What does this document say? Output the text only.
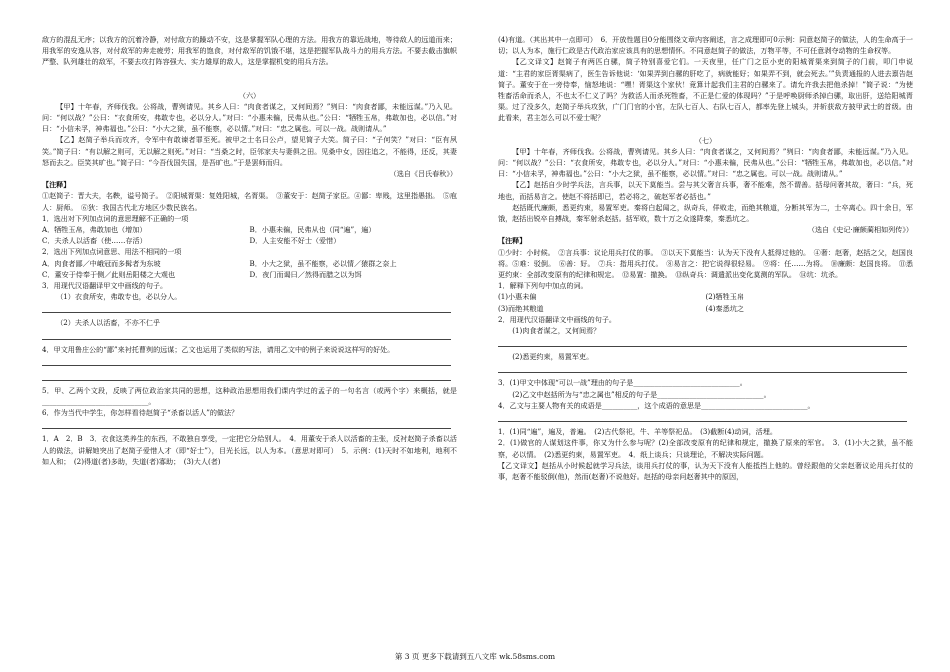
敌方的混乱无序；以我方的沉着冷静，对付敌方的躁动不安，这是掌握军队心理的方法。用我方的靠近战地，等待敌人的远道而来；用我军的安逸从容，对付敌军的奔走疲劳；用我军的饱食，对付敌军的饥饿不堪，这是把握军队战斗力的用兵方法。不要去截击旗帜严整、队列雄壮的敌军，不要去攻打阵容强大、实力雄厚的敌人，这是掌握机变的用兵方法。

（六）

【甲】十年春，齐师伐我。公将战，曹刿请见。其乡人曰：“肉食者谋之，又何间焉？”刿曰：“肉食者鄙，未能远谋。”乃入见。问：“何以战？”公曰：“衣食所安，弗敢专也，必以分人。”对曰：“小惠未徧，民弗从也。”公曰：“牺牲玉帛，弗敢加也，必以信。”对曰：“小信未孚，神弗福也。”公曰：“小大之狱，虽不能察，必以情。”对曰：“忠之属也。可以一战。战则请从。”

【乙】赵简子举兵而攻齐，令军中有敢谏者罪至死。被甲之士名曰公卢，望见简子大笑。简子曰：“子何笑？”对曰：“臣有夙笑。”简子曰：“有以解之则可，无以解之则死。”对曰：“当桑之时，臣邻家夫与妻俱之田。见桑中女，因往追之，不能得，还反，其妻怒而去之。臣笑其旷也。”简子曰：“今吾伐国失国，是吾旷也。”于是罢师而归。

（选自《吕氏春秋》）

【注释】

①赵简子：晋大夫，名鞅，谥号简子。　②阳城胥渠：复姓阳城，名胥渠。　③董安于：赵简子家臣。④鄙：卑贱，这里指愚拙。　⑤庖人：厨师。　⑥狄：我国古代北方地区少数民族名。

1．选出对下列加点词的意思理解不正确的一项

A．牺牲玉帛，弗敢加也（增加）	B．小惠未徧，民弗从也（同“遍”，遍）
C．夫杀人以活畜（使……存活）	D．人主安能不好士（爱惜）

2．选出下列加点词意思、用法不相同的一项

A．肉食者鄙／中峨冠而多髯者为东坡	B．小大之狱，虽不能察，必以情／猿群之奈上
C．董安于侍奉于侧／此则岳阳楼之大观也	D．夜门而谒曰／然得而腊之以为饵

3．用现代汉语翻译甲文中画线的句子。

（1）衣食所安，弗敢专也，必以分人。

（2）夫杀人以活畜，不亦不仁乎

4．甲文用鲁庄公的“鄙”来衬托曹刿的远谋；乙文也运用了类似的写法，请用乙文中的例子来说说这样写的好处。

5．甲、乙两个文段，反映了两位政治家共同的思想，这种政治思想用我们课内学过的孟子的一句名言（或两个字）来概括，就是______________________________。

6．作为当代中学生，你怎样看待赵简子“杀畜以活人”的做法？

1．A　2．B　3．衣食这类养生的东西，不敢独自享受，一定把它分给别人。　4．用董安于杀人以活畜的主张，反衬赵简子杀畜以活人的做法，讲解她突出了赵简子爱惜人才（即“好士”），目光长远，以人为本。（意思对即可）　5．示例：(1)天时不如地利，地利不如人和；　(2)得道(者)多助，失道(者)寡助；　(3)大人(者)

(4)有道。（其出其中一点即可）　6．开放性题目0分能围绕文章内容阐述，言之成理即可0示例：同意赵简子的做法，人的生命高于一切；以人为本，施行仁政是古代政治家应该具有的思想情怀。不同意赵简子的做法，万物平等，不可任意剥夺动物的生命权等。

【乙文译文】赵简子有两匹白骡，简子特别喜爱它们。一天夜里，任广门之臣小吏的阳城胥渠来到简子的门前，叩门申说道：“主君的家臣胥渠病了，医生告诉他说：‘如果弄到白骡的肝吃了，病就能好；如果弄不到，就会死去。’”负责通报的人进去禀告赵简子。董安于在一旁侍奉，恼怒地说：“嘿！胥渠这个家伙！竟算计起我们主君的白骡来了。请允许我去把他杀掉！”简子说：“为使牲畜活命而杀人，不也太不仁义了吗？为救活人而杀死牲畜，不正是仁爱的体现吗？”于是呼唤厨师杀掉白骡，取出肝，送给阳城胥渠。过了没多久，赵简子举兵攻狄，广门门官的小官，左队七百人、右队七百人，都率先登上城头，并斩获敌方披甲武士的首级。由此看来，君主怎么可以不爱士呢？

（七）

【甲】十年春，齐师伐我。公将战，曹刿请见。其乡人曰：“肉食者谋之，又何间焉？”刿曰：“肉食者鄙，未能远谋。”乃入见。问：“何以战？”公曰：“衣食所安，弗敢专也，必以分人。”对曰：“小惠未徧，民弗从也。”公曰：“牺牲玉帛，弗敢加也，必以信。”对曰：“小信未孚，神弗福也。”公曰：“小大之狱，虽不能察，必以情。”对曰：“忠之属也。可以一战。战则请从。”

【乙】赵括自少时学兵法，言兵事，以天下莫能当。尝与其父奢言兵事，奢不能难，然不谓善。括母问奢其故，奢曰：“兵，死地也，而括易言之。使赵不将括即已，若必将之，破赵军者必括也。”

赵括既代廉颇，悉更约束，易置军吏。秦将白起闻之，纵奇兵，佯败走，而绝其粮道，分断其军为二，士卒离心。四十余日，军饿，赵括出锐卒自搏战，秦军射杀赵括。括军败，数十万之众遂降秦，秦悉坑之。

（选自《史记·廉颇蔺相如列传》）

【注释】

①少时：小时候。　②言兵事：议论用兵打仗的事。　③以天下莫能当：认为天下没有人抵得过他的。　④奢：赵奢，赵括之父，赵国良将。⑤难：驳倒。　⑥善：好。　⑦兵：指用兵打仗。　⑧易言之：把它说得很轻易。　⑨将：任……为将。　⑩廉颇：赵国良将。　⑪悉更约束：全部改变原有的纪律和规定。　⑫易置：撤换。　⑬纵奇兵：调遣派出变化莫测的军队。　⑭坑：坑杀。

1．解释下列句中加点的词。

(1)小惠未偏	(2)牺牲玉帛
(3)而绝其粮道	(4)秦悉坑之

2．用现代汉语翻译文中画线的句子。

(1)肉食者谋之，又何间焉？

(2)悉更约束，易置军吏。

3．(1)甲文中体现“可以一战”理由的句子是______________________________。

(2)乙文中赵括所为与“忠之属也”相反的句子是______________________________。

4．乙文与主要人物有关的成语是__________，这个成语的意思是______________________________。

1．(1)同“遍”，遍及，普遍。　(2)古代祭祀，牛、羊等祭祀品。　(3)截断(4)动词，活埋。

2．(1)做官的人谋划这件事，你又为什么参与呢？(2)全部改变原有的纪律和规定，撤换了原来的军官。　3．(1)小大之狱，虽不能察，必以情。　(2)悉更约束，易置军吏。　4．纸上谈兵；只谈理论，不解决实际问题。

【乙文译文】赵括从小时候起就学习兵法，谈用兵打仗的事，认为天下没有人能抵挡上他的。曾经跟他的父亲赵奢议论用兵打仗的事，赵奢不能驳倒(他)，然而(赵奢)不说他好。赵括的母亲问赵奢其中的原因，

第 3 页 更多下载请到五八文库 wk.58sms.com
